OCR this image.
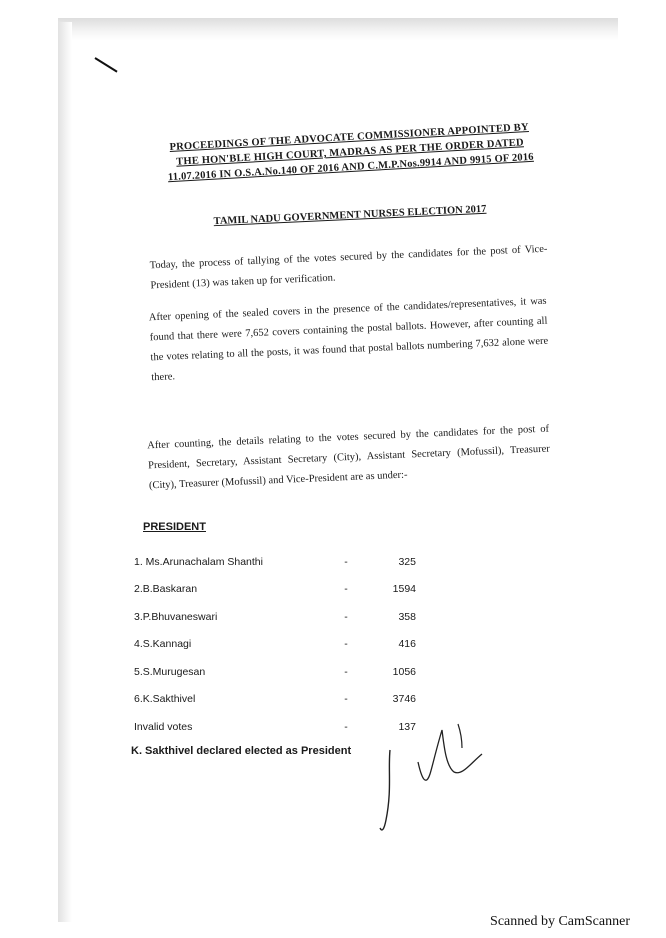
PROCEEDINGS OF THE ADVOCATE COMMISSIONER APPOINTED BY THE HON'BLE HIGH COURT, MADRAS AS PER THE ORDER DATED 11.07.2016 IN O.S.A.No.140 OF 2016 AND C.M.P.Nos.9914 AND 9915 OF 2016
TAMIL NADU GOVERNMENT NURSES ELECTION 2017
Today, the process of tallying of the votes secured by the candidates for the post of Vice-President (13) was taken up for verification.
After opening of the sealed covers in the presence of the candidates/representatives, it was found that there were 7,652 covers containing the postal ballots. However, after counting all the votes relating to all the posts, it was found that postal ballots numbering 7,632 alone were there.
After counting, the details relating to the votes secured by the candidates for the post of President, Secretary, Assistant Secretary (City), Assistant Secretary (Mofussil), Treasurer (City), Treasurer (Mofussil) and Vice-President are as under:-
PRESIDENT
1. Ms.Arunachalam Shanthi	-	325
2.B.Baskaran	-	1594
3.P.Bhuvaneswari	-	358
4.S.Kannagi	-	416
5.S.Murugesan	-	1056
6.K.Sakthivel	-	3746
Invalid votes	-	137
K. Sakthivel declared elected as President
Scanned by CamScanner
